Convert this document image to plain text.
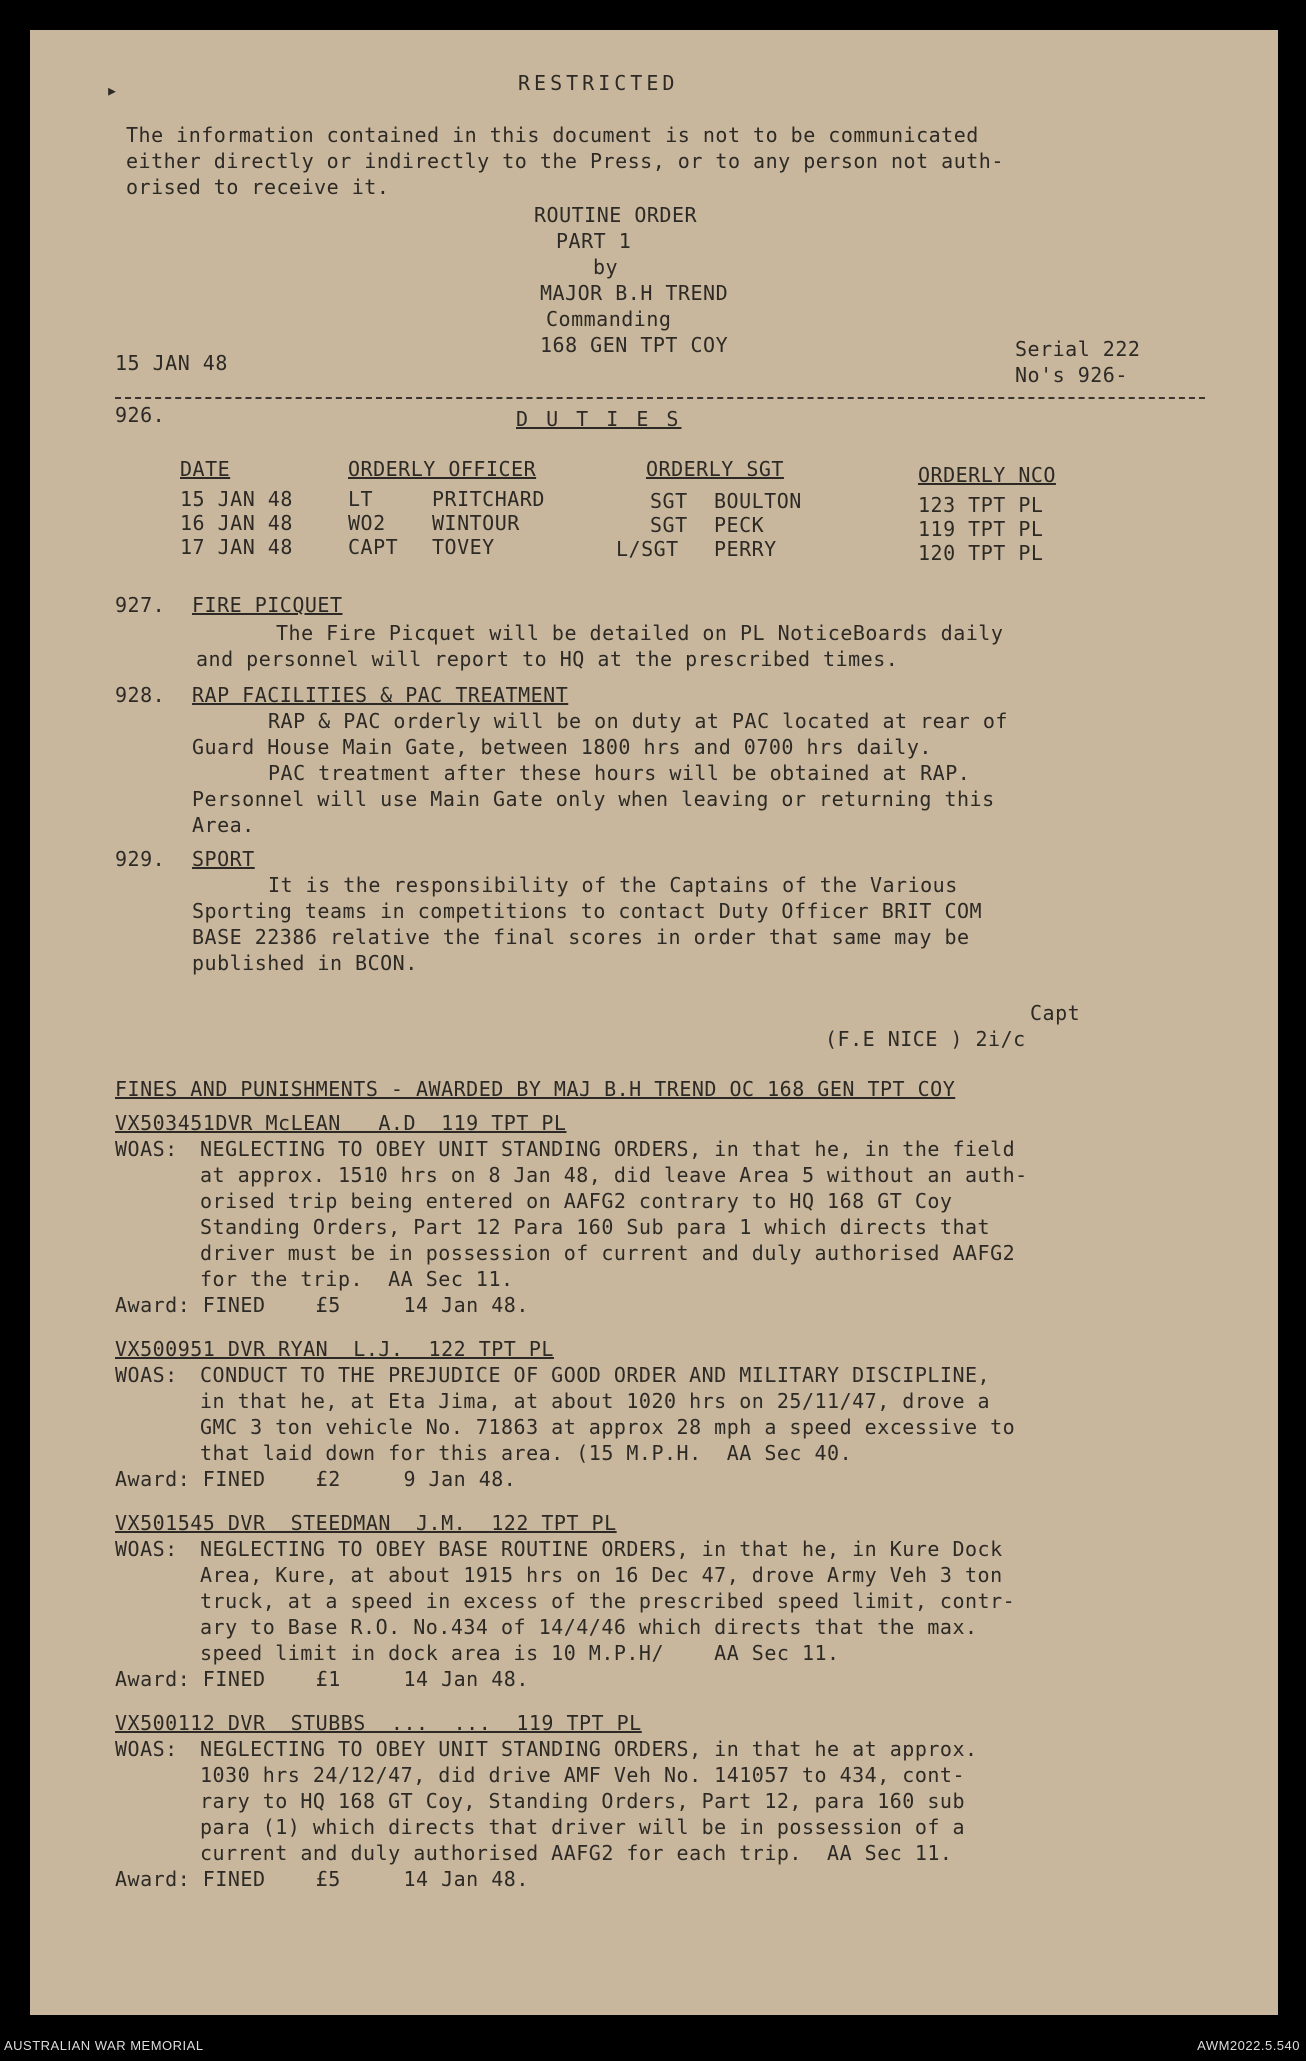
▸	RESTRICTED
The information contained in this document is not to be communicated
either directly or indirectly to the Press, or to any person not auth-
orised to receive it.
ROUTINE ORDER
PART 1
by
MAJOR B.H TREND
Commanding
168 GEN TPT COY
15 JAN 48
Serial 222
No's 926-
926.	D U T I E S
DATE	ORDERLY OFFICER	ORDERLY SGT	ORDERLY NCO
15 JAN 48	LT	PRITCHARD	SGT BOULTON	123 TPT PL
16 JAN 48	WO2 WINTOUR	SGT PECK	119 TPT PL
17 JAN 48	CAPT TOVEY	L/SGT PERRY	120 TPT PL
927. FIRE PICQUET
The Fire Picquet will be detailed on PL NoticeBoards daily
and personnel will report to HQ at the prescribed times.
928. RAP FACILITIES & PAC TREATMENT
RAP & PAC orderly will be on duty at PAC located at rear of
Guard House Main Gate, between 1800 hrs and 0700 hrs daily.
PAC treatment after these hours will be obtained at RAP.
Personnel will use Main Gate only when leaving or returning this
Area.
929. SPORT
It is the responsibility of the Captains of the Various
Sporting teams in competitions to contact Duty Officer BRIT COM
BASE 22386 relative the final scores in order that same may be
published in BCON.
Capt
(F.E NICE ) 2i/c
FINES AND PUNISHMENTS - AWARDED BY MAJ B.H TREND OC 168 GEN TPT COY
VX503451DVR McLEAN   A.D  119 TPT PL
WOAS: NEGLECTING TO OBEY UNIT STANDING ORDERS, in that he, in the field
at approx. 1510 hrs on 8 Jan 48, did leave Area 5 without an auth-
orised trip being entered on AAFG2 contrary to HQ 168 GT Coy
Standing Orders, Part 12 Para 160 Sub para 1 which directs that
driver must be in possession of current and duly authorised AAFG2
for the trip.  AA Sec 11.
Award: FINED    £5     14 Jan 48.
VX500951 DVR RYAN  L.J.  122 TPT PL
WOAS: CONDUCT TO THE PREJUDICE OF GOOD ORDER AND MILITARY DISCIPLINE,
in that he, at Eta Jima, at about 1020 hrs on 25/11/47, drove a
GMC 3 ton vehicle No. 71863 at approx 28 mph a speed excessive to
that laid down for this area. (15 M.P.H.  AA Sec 40.
Award: FINED    £2     9 Jan 48.
VX501545 DVR  STEEDMAN  J.M.  122 TPT PL
WOAS: NEGLECTING TO OBEY BASE ROUTINE ORDERS, in that he, in Kure Dock
Area, Kure, at about 1915 hrs on 16 Dec 47, drove Army Veh 3 ton
truck, at a speed in excess of the prescribed speed limit, contr-
ary to Base R.O. No.434 of 14/4/46 which directs that the max.
speed limit in dock area is 10 M.P.H/    AA Sec 11.
Award: FINED    £1     14 Jan 48.
VX500112 DVR  STUBBS  ...  ...  119 TPT PL
WOAS: NEGLECTING TO OBEY UNIT STANDING ORDERS, in that he at approx.
1030 hrs 24/12/47, did drive AMF Veh No. 141057 to 434, cont-
rary to HQ 168 GT Coy, Standing Orders, Part 12, para 160 sub
para (1) which directs that driver will be in possession of a
current and duly authorised AAFG2 for each trip.  AA Sec 11.
Award: FINED    £5     14 Jan 48.
AUSTRALIAN WAR MEMORIAL	AWM2022.5.540
